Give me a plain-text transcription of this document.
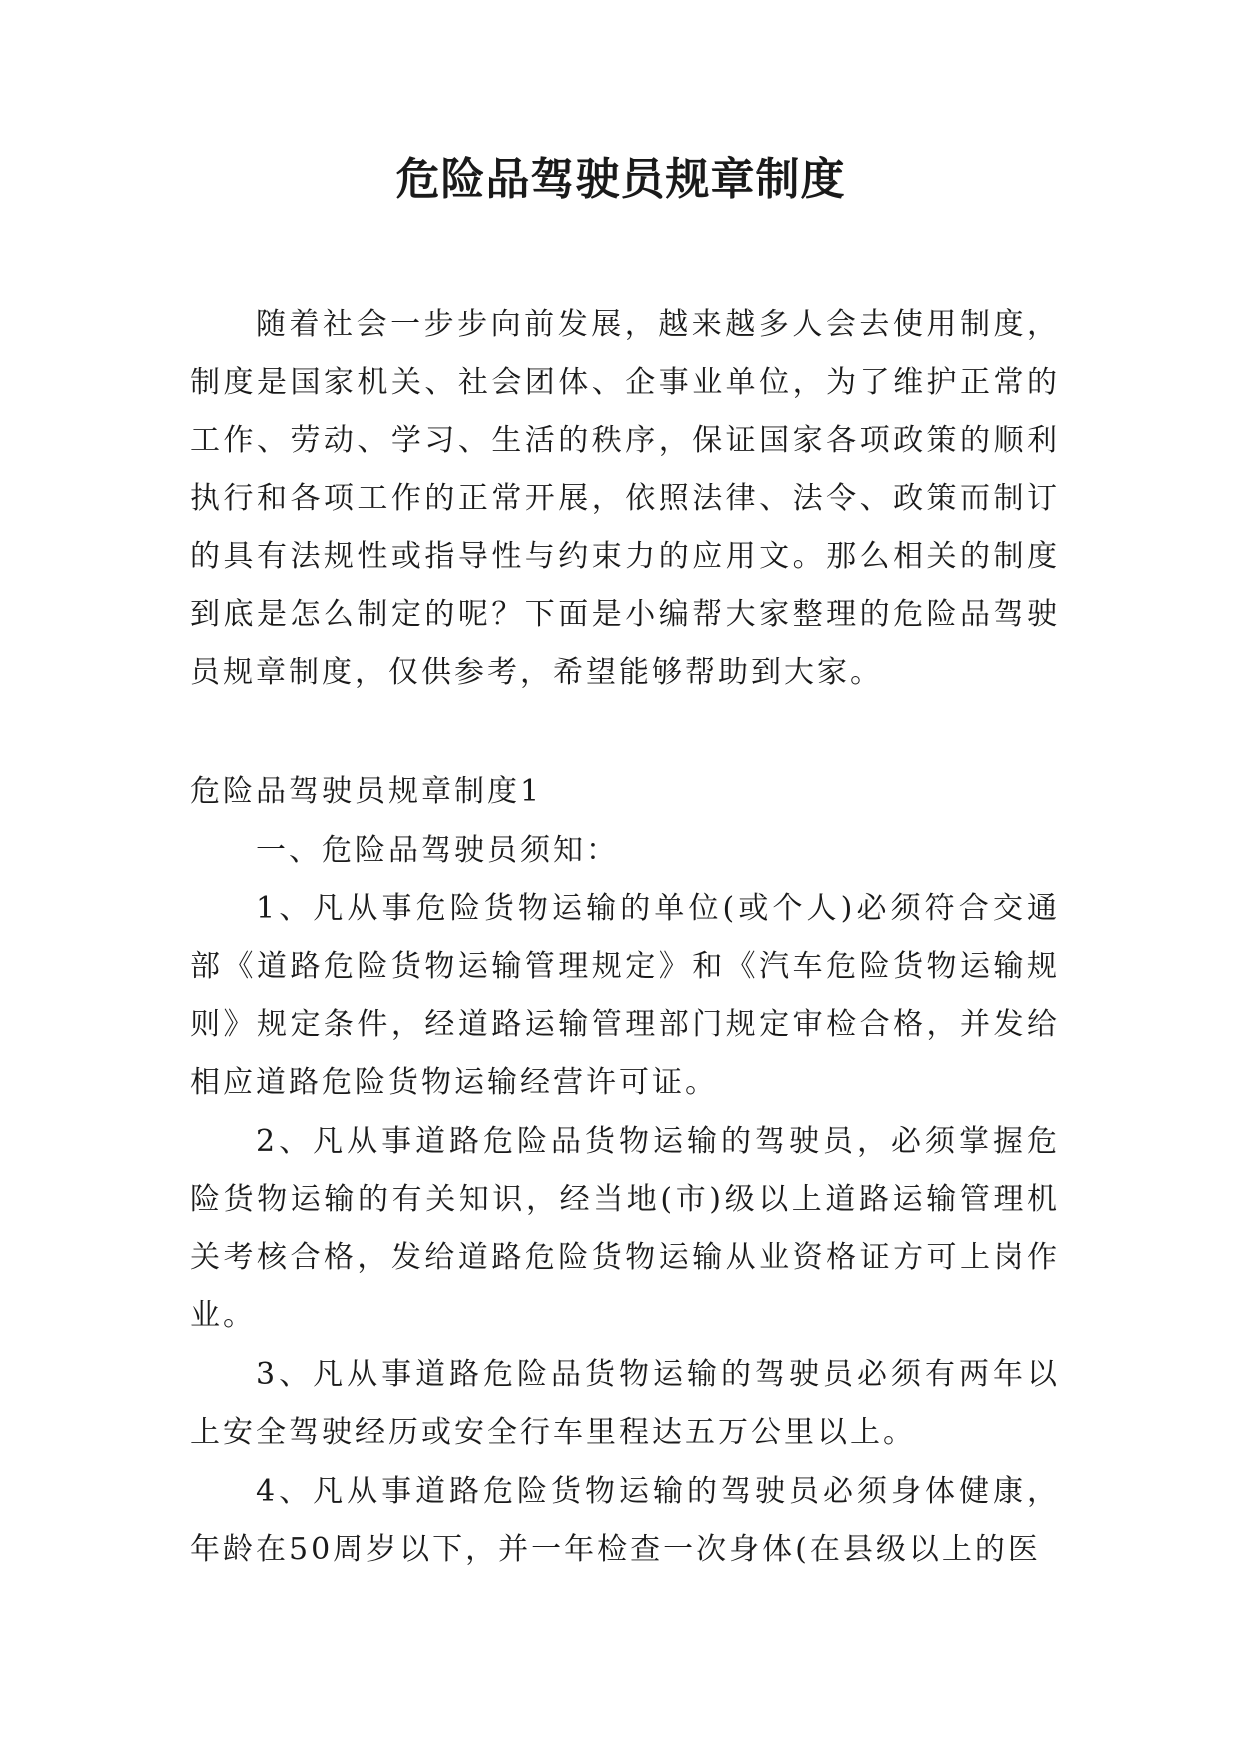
危险品驾驶员规章制度

随着社会一步步向前发展，越来越多人会去使用制度，制度是国家机关、社会团体、企事业单位，为了维护正常的工作、劳动、学习、生活的秩序，保证国家各项政策的顺利执行和各项工作的正常开展，依照法律、法令、政策而制订的具有法规性或指导性与约束力的应用文。那么相关的制度到底是怎么制定的呢？下面是小编帮大家整理的危险品驾驶员规章制度，仅供参考，希望能够帮助到大家。

危险品驾驶员规章制度1

一、危险品驾驶员须知：

1、凡从事危险货物运输的单位(或个人)必须符合交通部《道路危险货物运输管理规定》和《汽车危险货物运输规则》规定条件，经道路运输管理部门规定审检合格，并发给相应道路危险货物运输经营许可证。

2、凡从事道路危险品货物运输的驾驶员，必须掌握危险货物运输的有关知识，经当地(市)级以上道路运输管理机关考核合格，发给道路危险货物运输从业资格证方可上岗作业。

3、凡从事道路危险品货物运输的驾驶员必须有两年以上安全驾驶经历或安全行车里程达五万公里以上。

4、凡从事道路危险货物运输的驾驶员必须身体健康，年龄在50周岁以下，并一年检查一次身体(在县级以上的医
